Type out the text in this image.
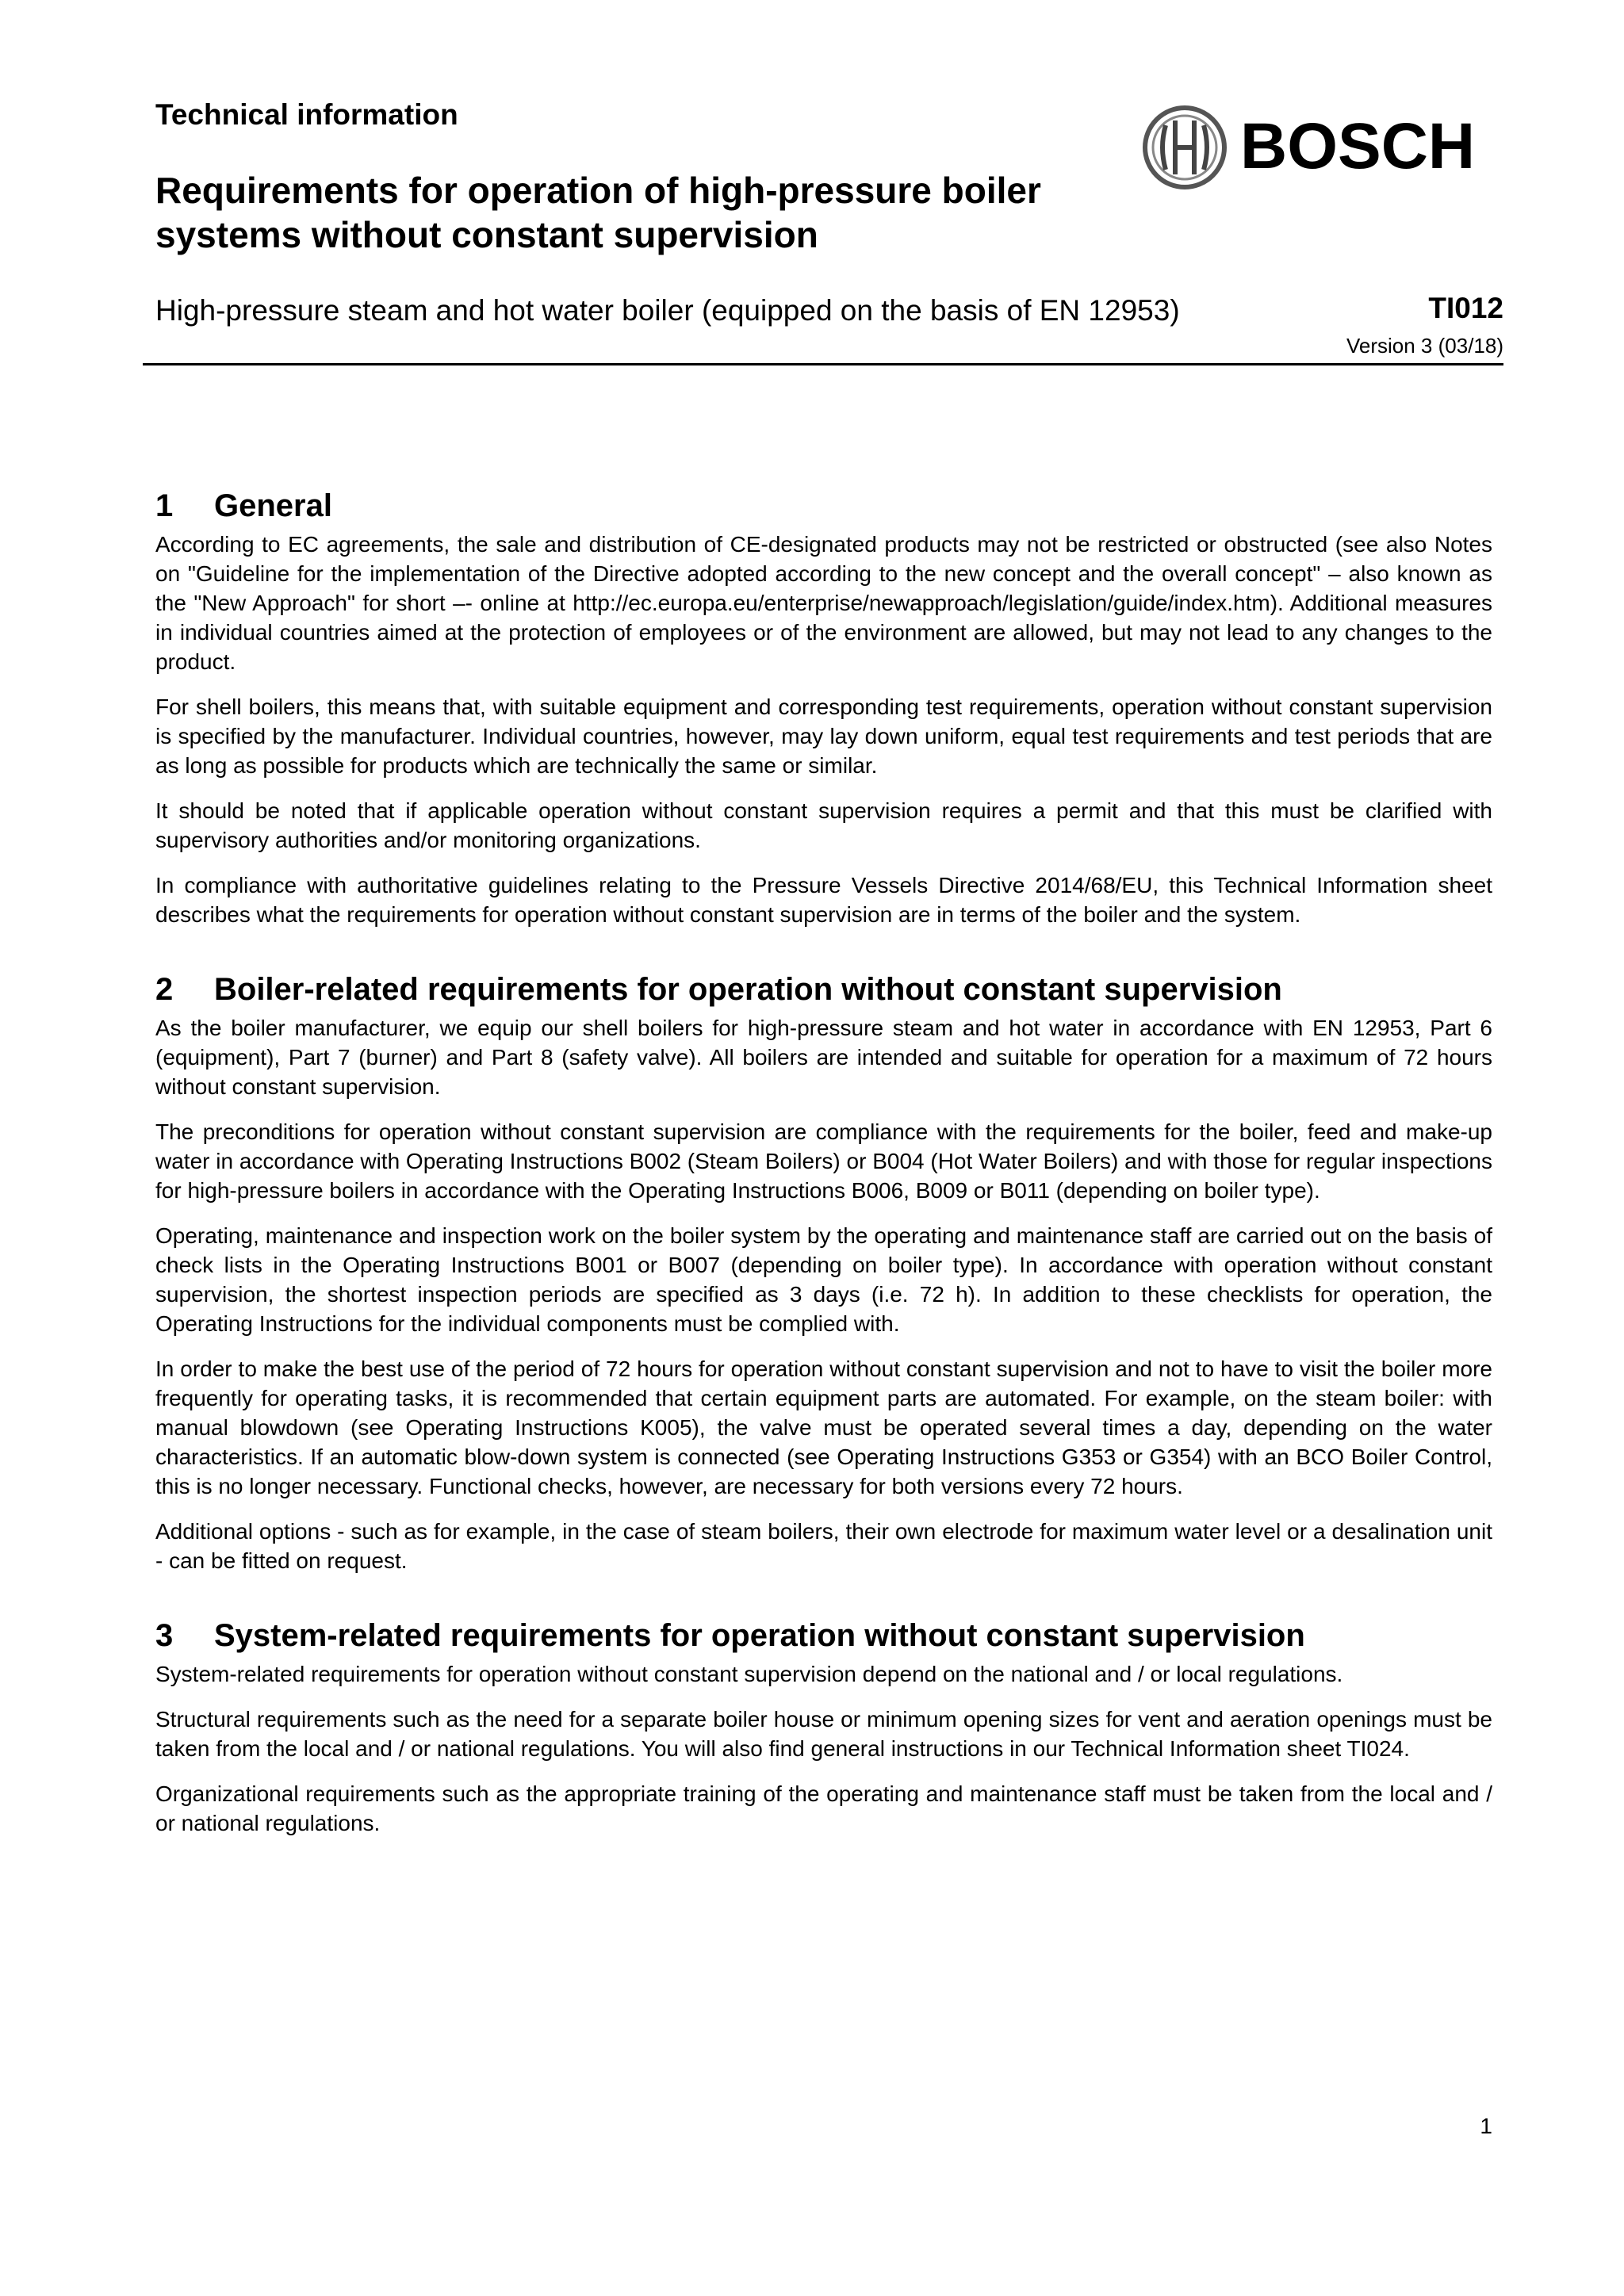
Technical information
Requirements for operation of high-pressure boiler systems without constant supervision
BOSCH

High-pressure steam and hot water boiler (equipped on the basis of EN 12953)	TI012
Version 3 (03/18)
1	General

According to EC agreements, the sale and distribution of CE-designated products may not be restricted or obstructed (see also Notes on "Guideline for the implementation of the Directive adopted according to the new concept and the overall concept" – also known as the "New Approach" for short –- online at http://ec.europa.eu/enterprise/newapproach/legislation/guide/index.htm). Additional measures in individual countries aimed at the protection of employees or of the environment are allowed, but may not lead to any changes to the product.

For shell boilers, this means that, with suitable equipment and corresponding test requirements, operation without constant supervision is specified by the manufacturer. Individual countries, however, may lay down uniform, equal test requirements and test periods that are as long as possible for products which are technically the same or similar.

It should be noted that if applicable operation without constant supervision requires a permit and that this must be clarified with supervisory authorities and/or monitoring organizations.

In compliance with authoritative guidelines relating to the Pressure Vessels Directive 2014/68/EU, this Technical Information sheet describes what the requirements for operation without constant supervision are in terms of the boiler and the system.

2	Boiler-related requirements for operation without constant supervision

As the boiler manufacturer, we equip our shell boilers for high-pressure steam and hot water in accordance with EN 12953, Part 6 (equipment), Part 7 (burner) and Part 8 (safety valve). All boilers are intended and suitable for operation for a maximum of 72 hours without constant supervision.

The preconditions for operation without constant supervision are compliance with the requirements for the boiler, feed and make-up water in accordance with Operating Instructions B002 (Steam Boilers) or B004 (Hot Water Boilers) and with those for regular inspections for high-pressure boilers in accordance with the Operating Instructions B006, B009 or B011 (depending on boiler type).

Operating, maintenance and inspection work on the boiler system by the operating and maintenance staff are carried out on the basis of check lists in the Operating Instructions B001 or B007 (depending on boiler type). In accordance with operation without constant supervision, the shortest inspection periods are specified as 3 days (i.e. 72 h). In addition to these checklists for operation, the Operating Instructions for the individual components must be complied with.

In order to make the best use of the period of 72 hours for operation without constant supervision and not to have to visit the boiler more frequently for operating tasks, it is recommended that certain equipment parts are automated. For example, on the steam boiler: with manual blowdown (see Operating Instructions K005), the valve must be operated several times a day, depending on the water characteristics. If an automatic blow-down system is connected (see Operating Instructions G353 or G354) with an BCO Boiler Control, this is no longer necessary. Functional checks, however, are necessary for both versions every 72 hours.

Additional options - such as for example, in the case of steam boilers, their own electrode for maximum water level or a desalination unit - can be fitted on request.

3	System-related requirements for operation without constant supervision

System-related requirements for operation without constant supervision depend on the national and / or local regulations.

Structural requirements such as the need for a separate boiler house or minimum opening sizes for vent and aeration openings must be taken from the local and / or national regulations. You will also find general instructions in our Technical Information sheet TI024.

Organizational requirements such as the appropriate training of the operating and maintenance staff must be taken from the local and / or national regulations.

1
